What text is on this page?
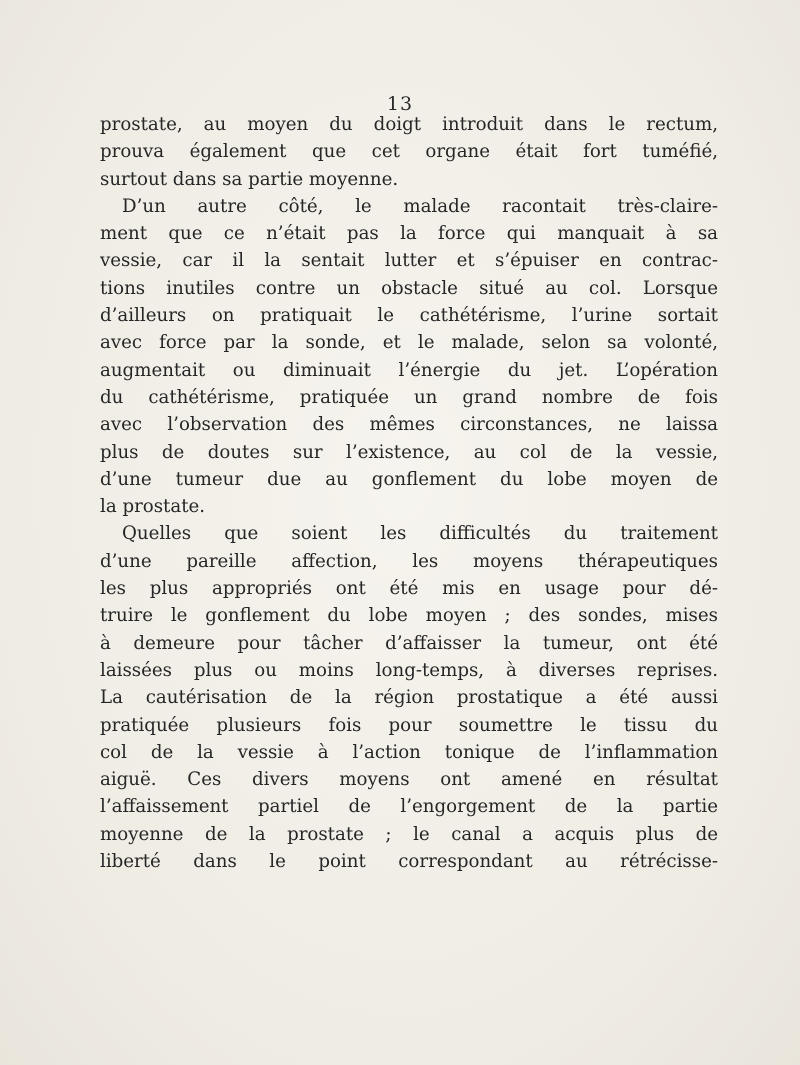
13
prostate, au moyen du doigt introduit dans le rectum,
prouva également que cet organe était fort tuméfié,
surtout dans sa partie moyenne.
D’un autre côté, le malade racontait très-claire-
ment que ce n’était pas la force qui manquait à sa
vessie, car il la sentait lutter et s’épuiser en contrac-
tions inutiles contre un obstacle situé au col. Lorsque
d’ailleurs on pratiquait le cathétérisme, l’urine sortait
avec force par la sonde, et le malade, selon sa volonté,
augmentait ou diminuait l’énergie du jet. L’opération
du cathétérisme, pratiquée un grand nombre de fois
avec l’observation des mêmes circonstances, ne laissa
plus de doutes sur l’existence, au col de la vessie,
d’une tumeur due au gonflement du lobe moyen de
la prostate.
Quelles que soient les difficultés du traitement
d’une pareille affection, les moyens thérapeutiques
les plus appropriés ont été mis en usage pour dé-
truire le gonflement du lobe moyen ; des sondes, mises
à demeure pour tâcher d’affaisser la tumeur, ont été
laissées plus ou moins long-temps, à diverses reprises.
La cautérisation de la région prostatique a été aussi
pratiquée plusieurs fois pour soumettre le tissu du
col de la vessie à l’action tonique de l’inflammation
aiguë. Ces divers moyens ont amené en résultat
l’affaissement partiel de l’engorgement de la partie
moyenne de la prostate ; le canal a acquis plus de
liberté dans le point correspondant au rétrécisse-
